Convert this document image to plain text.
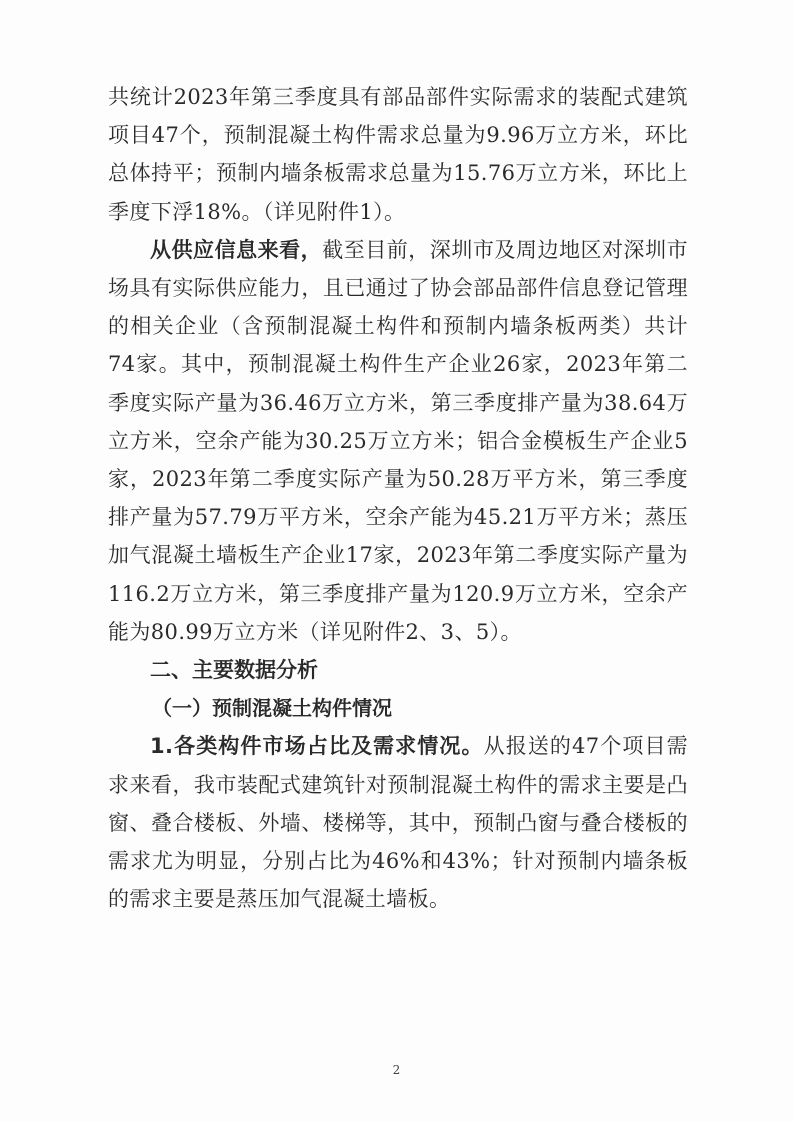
共统计2023年第三季度具有部品部件实际需求的装配式建筑项目47个，预制混凝土构件需求总量为9.96万立方米，环比总体持平；预制内墙条板需求总量为15.76万立方米，环比上季度下浮18%。（详见附件1）。

从供应信息来看，截至目前，深圳市及周边地区对深圳市场具有实际供应能力，且已通过了协会部品部件信息登记管理的相关企业（含预制混凝土构件和预制内墙条板两类）共计74家。其中，预制混凝土构件生产企业26家，2023年第二季度实际产量为36.46万立方米，第三季度排产量为38.64万立方米，空余产能为30.25万立方米；铝合金模板生产企业5家，2023年第二季度实际产量为50.28万平方米，第三季度排产量为57.79万平方米，空余产能为45.21万平方米；蒸压加气混凝土墙板生产企业17家，2023年第二季度实际产量为116.2万立方米，第三季度排产量为120.9万立方米，空余产能为80.99万立方米（详见附件2、3、5）。

二、主要数据分析

（一）预制混凝土构件情况

1.各类构件市场占比及需求情况。从报送的47个项目需求来看，我市装配式建筑针对预制混凝土构件的需求主要是凸窗、叠合楼板、外墙、楼梯等，其中，预制凸窗与叠合楼板的需求尤为明显，分别占比为46%和43%；针对预制内墙条板的需求主要是蒸压加气混凝土墙板。

2
